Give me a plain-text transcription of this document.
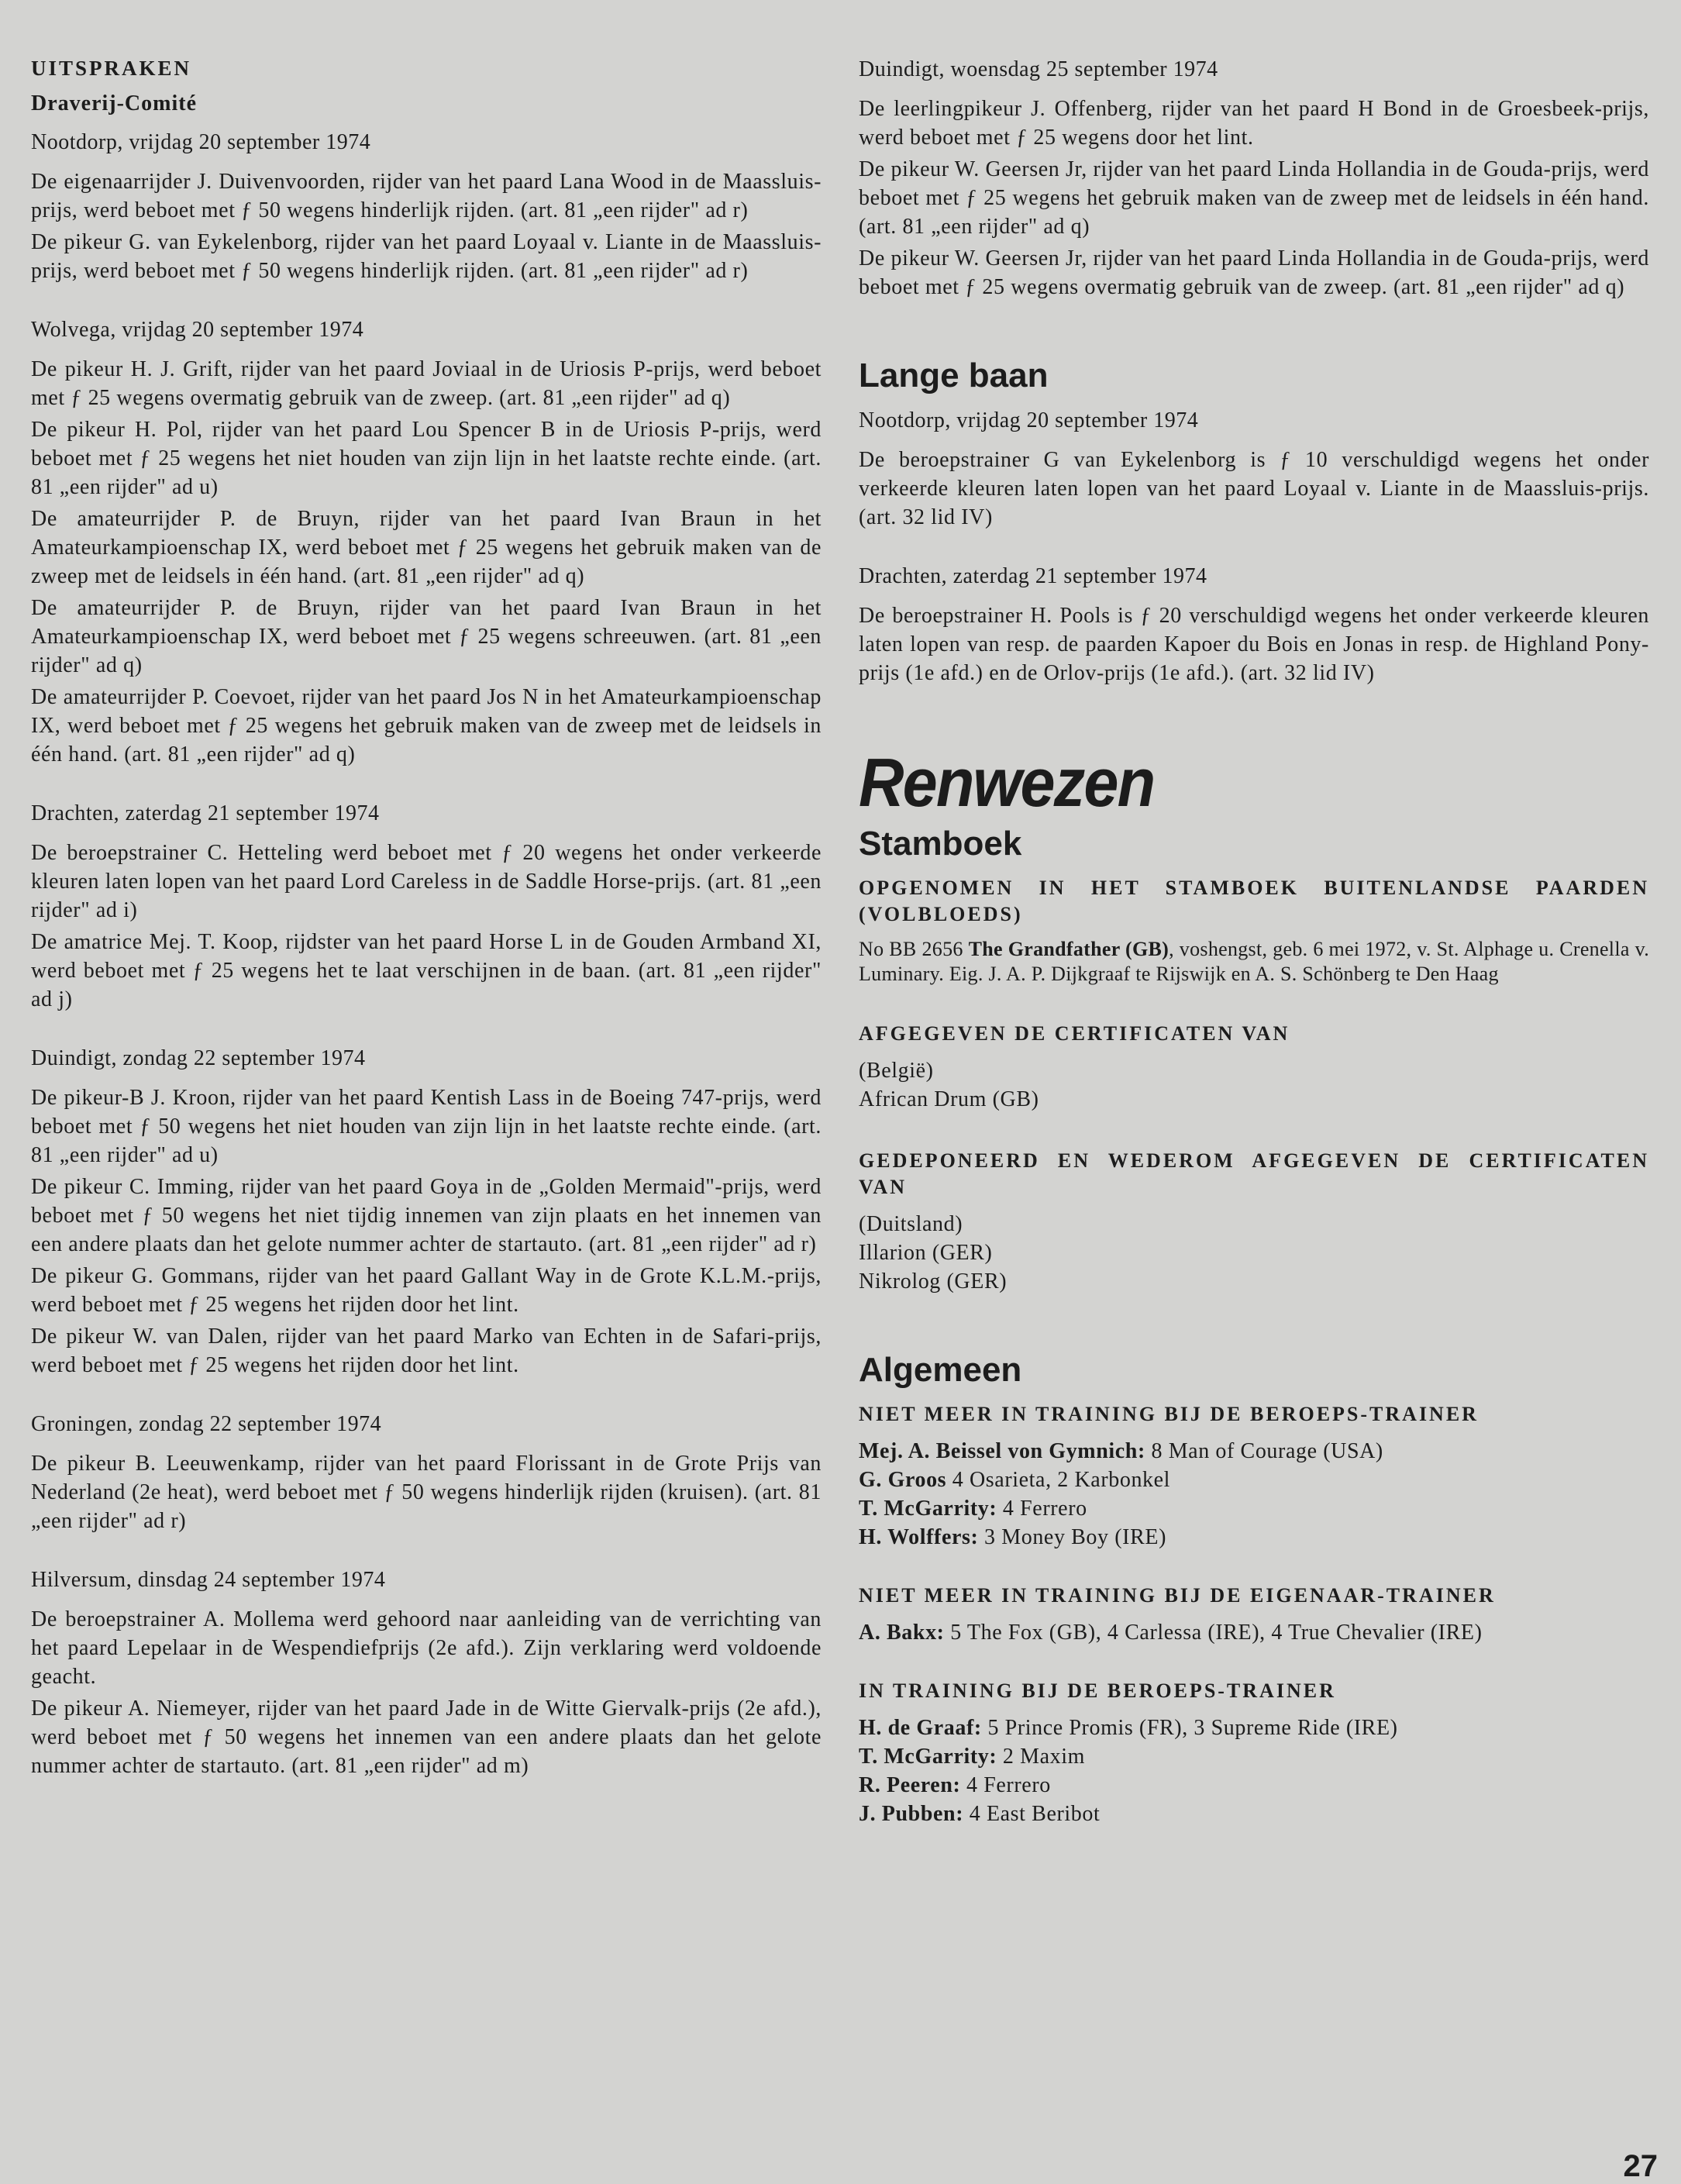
UITSPRAKEN

Draverij-Comité

Nootdorp, vrijdag 20 september 1974

De eigenaarrijder J. Duivenvoorden, rijder van het paard Lana Wood in de Maassluis-prijs, werd beboet met ƒ 50 wegens hinderlijk rijden. (art. 81 „een rijder" ad r)

De pikeur G. van Eykelenborg, rijder van het paard Loyaal v. Liante in de Maassluis-prijs, werd beboet met ƒ 50 wegens hinderlijk rijden. (art. 81 „een rijder" ad r)

Wolvega, vrijdag 20 september 1974

De pikeur H. J. Grift, rijder van het paard Joviaal in de Uriosis P-prijs, werd beboet met ƒ 25 wegens overmatig gebruik van de zweep. (art. 81 „een rijder" ad q)

De pikeur H. Pol, rijder van het paard Lou Spencer B in de Uriosis P-prijs, werd beboet met ƒ 25 wegens het niet houden van zijn lijn in het laatste rechte einde. (art. 81 „een rijder" ad u)

De amateurrijder P. de Bruyn, rijder van het paard Ivan Braun in het Amateurkampioenschap IX, werd beboet met ƒ 25 wegens het gebruik maken van de zweep met de leidsels in één hand. (art. 81 „een rijder" ad q)

De amateurrijder P. de Bruyn, rijder van het paard Ivan Braun in het Amateurkampioenschap IX, werd beboet met ƒ 25 wegens schreeuwen. (art. 81 „een rijder" ad q)

De amateurrijder P. Coevoet, rijder van het paard Jos N in het Amateurkampioenschap IX, werd beboet met ƒ 25 wegens het gebruik maken van de zweep met de leidsels in één hand. (art. 81 „een rijder" ad q)

Drachten, zaterdag 21 september 1974

De beroepstrainer C. Hetteling werd beboet met ƒ 20 wegens het onder verkeerde kleuren laten lopen van het paard Lord Careless in de Saddle Horse-prijs. (art. 81 „een rijder" ad i)

De amatrice Mej. T. Koop, rijdster van het paard Horse L in de Gouden Armband XI, werd beboet met ƒ 25 wegens het te laat verschijnen in de baan. (art. 81 „een rijder" ad j)

Duindigt, zondag 22 september 1974

De pikeur-B J. Kroon, rijder van het paard Kentish Lass in de Boeing 747-prijs, werd beboet met ƒ 50 wegens het niet houden van zijn lijn in het laatste rechte einde. (art. 81 „een rijder" ad u)

De pikeur C. Imming, rijder van het paard Goya in de „Golden Mermaid"-prijs, werd beboet met ƒ 50 wegens het niet tijdig innemen van zijn plaats en het innemen van een andere plaats dan het gelote nummer achter de startauto. (art. 81 „een rijder" ad r)

De pikeur G. Gommans, rijder van het paard Gallant Way in de Grote K.L.M.-prijs, werd beboet met ƒ 25 wegens het rijden door het lint.

De pikeur W. van Dalen, rijder van het paard Marko van Echten in de Safari-prijs, werd beboet met ƒ 25 wegens het rijden door het lint.

Groningen, zondag 22 september 1974

De pikeur B. Leeuwenkamp, rijder van het paard Florissant in de Grote Prijs van Nederland (2e heat), werd beboet met ƒ 50 wegens hinderlijk rijden (kruisen). (art. 81 „een rijder" ad r)

Hilversum, dinsdag 24 september 1974

De beroepstrainer A. Mollema werd gehoord naar aanleiding van de verrichting van het paard Lepelaar in de Wespendiefprijs (2e afd.). Zijn verklaring werd voldoende geacht.

De pikeur A. Niemeyer, rijder van het paard Jade in de Witte Giervalk-prijs (2e afd.), werd beboet met ƒ 50 wegens het innemen van een andere plaats dan het gelote nummer achter de startauto. (art. 81 „een rijder" ad m)

Duindigt, woensdag 25 september 1974

De leerlingpikeur J. Offenberg, rijder van het paard H Bond in de Groesbeek-prijs, werd beboet met ƒ 25 wegens door het lint.

De pikeur W. Geersen Jr, rijder van het paard Linda Hollandia in de Gouda-prijs, werd beboet met ƒ 25 wegens het gebruik maken van de zweep met de leidsels in één hand. (art. 81 „een rijder" ad q)

De pikeur W. Geersen Jr, rijder van het paard Linda Hollandia in de Gouda-prijs, werd beboet met ƒ 25 wegens overmatig gebruik van de zweep. (art. 81 „een rijder" ad q)

Lange baan

Nootdorp, vrijdag 20 september 1974

De beroepstrainer G van Eykelenborg is ƒ 10 verschuldigd wegens het onder verkeerde kleuren laten lopen van het paard Loyaal v. Liante in de Maassluis-prijs. (art. 32 lid IV)

Drachten, zaterdag 21 september 1974

De beroepstrainer H. Pools is ƒ 20 verschuldigd wegens het onder verkeerde kleuren laten lopen van resp. de paarden Kapoer du Bois en Jonas in resp. de Highland Pony-prijs (1e afd.) en de Orlov-prijs (1e afd.). (art. 32 lid IV)

Renwezen

Stamboek

OPGENOMEN IN HET STAMBOEK BUITENLANDSE PAARDEN (VOLBLOEDS)

No BB 2656 The Grandfather (GB), voshengst, geb. 6 mei 1972, v. St. Alphage u. Crenella v. Luminary. Eig. J. A. P. Dijkgraaf te Rijswijk en A. S. Schönberg te Den Haag

AFGEGEVEN DE CERTIFICATEN VAN

(België)

African Drum (GB)

GEDEPONEERD EN WEDEROM AFGEGEVEN DE CERTIFICATEN VAN

(Duitsland)

Illarion (GER)

Nikrolog (GER)

Algemeen

NIET MEER IN TRAINING BIJ DE BEROEPS-TRAINER

Mej. A. Beissel von Gymnich: 8 Man of Courage (USA)

G. Groos 4 Osarieta, 2 Karbonkel

T. McGarrity: 4 Ferrero

H. Wolffers: 3 Money Boy (IRE)

NIET MEER IN TRAINING BIJ DE EIGENAAR-TRAINER

A. Bakx: 5 The Fox (GB), 4 Carlessa (IRE), 4 True Chevalier (IRE)

IN TRAINING BIJ DE BEROEPS-TRAINER

H. de Graaf: 5 Prince Promis (FR), 3 Supreme Ride (IRE)

T. McGarrity: 2 Maxim

R. Peeren: 4 Ferrero

J. Pubben: 4 East Beribot

27
